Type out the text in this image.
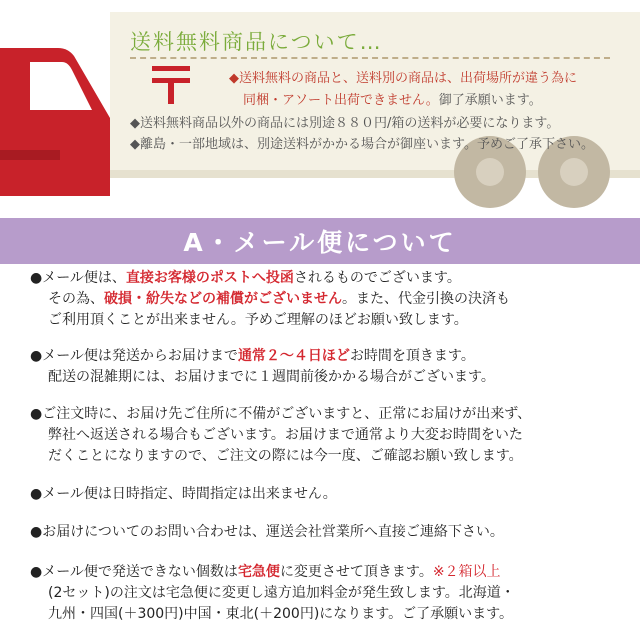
送料無料商品について…
◆送料無料の商品と、送料別の商品は、出荷場所が違う為に
同梱・アソート出荷できません。御了承願います。
◆送料無料商品以外の商品には別途８８０円/箱の送料が必要になります。
◆離島・一部地域は、別途送料がかかる場合が御座います。予めご了承下さい。
A・メール便について
●メール便は、直接お客様のポストへ投函されるものでございます。
その為、破損・紛失などの補償がございません。また、代金引換の決済も
ご利用頂くことが出来ません。予めご理解のほどお願い致します。
●メール便は発送からお届けまで通常２～４日ほどお時間を頂きます。
配送の混雑期には、お届けまでに１週間前後かかる場合がございます。
●ご注文時に、お届け先ご住所に不備がございますと、正常にお届けが出来ず、
弊社へ返送される場合もございます。お届けまで通常より大変お時間をいた
だくことになりますので、ご注文の際には今一度、ご確認お願い致します。
●メール便は日時指定、時間指定は出来ません。
●お届けについてのお問い合わせは、運送会社営業所へ直接ご連絡下さい。
●メール便で発送できない個数は宅急便に変更させて頂きます。※２箱以上
(2セット)の注文は宅急便に変更し遠方追加料金が発生致します。北海道・
九州・四国(＋300円)中国・東北(＋200円)になります。ご了承願います。
